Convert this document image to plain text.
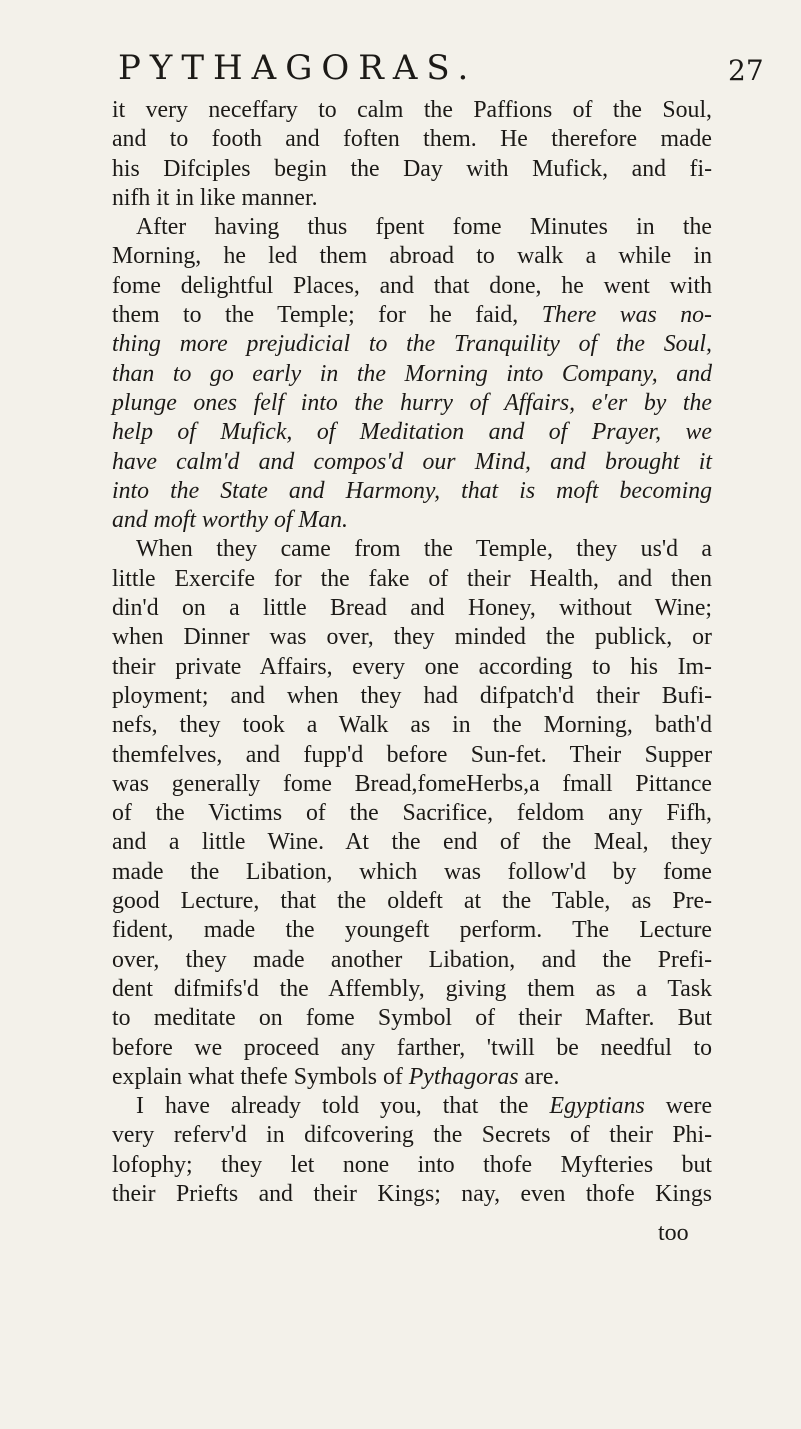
PYTHAGORAS.	27
it very neceffary to calm the Paffions of the Soul,
and to footh and foften them. He therefore made
his Difciples begin the Day with Mufick, and fi-
nifh it in like manner.
After having thus fpent fome Minutes in the
Morning, he led them abroad to walk a while in
fome delightful Places, and that done, he went with
them to the Temple; for he faid, There was no-
thing more prejudicial to the Tranquility of the Soul,
than to go early in the Morning into Company, and
plunge ones felf into the hurry of Affairs, e'er by the
help of Mufick, of Meditation and of Prayer, we
have calm'd and compos'd our Mind, and brought it
into the State and Harmony, that is moft becoming
and moft worthy of Man.
When they came from the Temple, they us'd a
little Exercife for the fake of their Health, and then
din'd on a little Bread and Honey, without Wine;
when Dinner was over, they minded the publick, or
their private Affairs, every one according to his Im-
ployment; and when they had difpatch'd their Bufi-
nefs, they took a Walk as in the Morning, bath'd
themfelves, and fupp'd before Sun-fet. Their Supper
was generally fome Bread,fomeHerbs,a fmall Pittance
of the Victims of the Sacrifice, feldom any Fifh,
and a little Wine. At the end of the Meal, they
made the Libation, which was follow'd by fome
good Lecture, that the oldeft at the Table, as Pre-
fident, made the youngeft perform. The Lecture
over, they made another Libation, and the Prefi-
dent difmifs'd the Affembly, giving them as a Task
to meditate on fome Symbol of their Mafter. But
before we proceed any farther, 'twill be needful to
explain what thefe Symbols of Pythagoras are.
I have already told you, that the Egyptians were
very referv'd in difcovering the Secrets of their Phi-
lofophy; they let none into thofe Myfteries but
their Priefts and their Kings; nay, even thofe Kings
too
